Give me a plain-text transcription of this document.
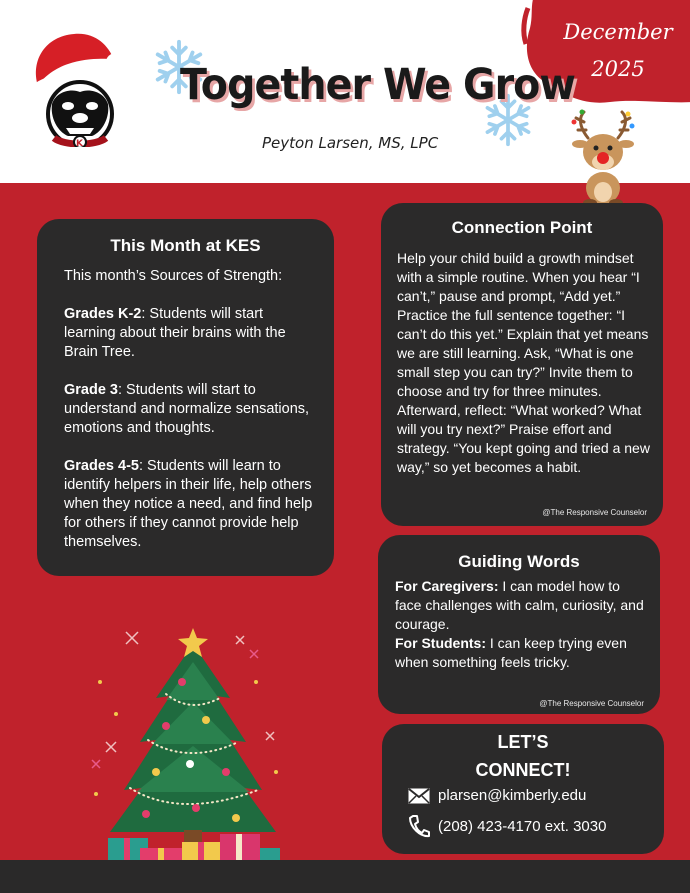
December
2025
K
Together We Grow
Peyton Larsen, MS, LPC
This Month at KES

This month’s Sources of Strength:

Grades K-2: Students will start learning about their brains with the Brain Tree.

Grade 3: Students will start to understand and normalize sensations, emotions and thoughts.

Grades 4-5: Students will learn to identify helpers in their life, help others when they notice a need, and find help for others if they cannot provide help themselves.

Connection Point

Help your child build a growth mindset with a simple routine. When you hear “I can’t,” pause and prompt, “Add yet.” Practice the full sentence together: “I can’t do this yet.” Explain that yet means we are still learning. Ask, “What is one small step you can try?” Invite them to choose and try for three minutes. Afterward, reflect: “What worked? What will you try next?” Praise effort and strategy. “You kept going and tried a new way,” so yet becomes a habit.

@The Responsive Counselor
Guiding Words

For Caregivers: I can model how to face challenges with calm, curiosity, and courage.

For Students: I can keep trying even when something feels tricky.

@The Responsive Counselor
LET’S
CONNECT!
plarsen@kimberly.edu
(208) 423-4170 ext. 3030
